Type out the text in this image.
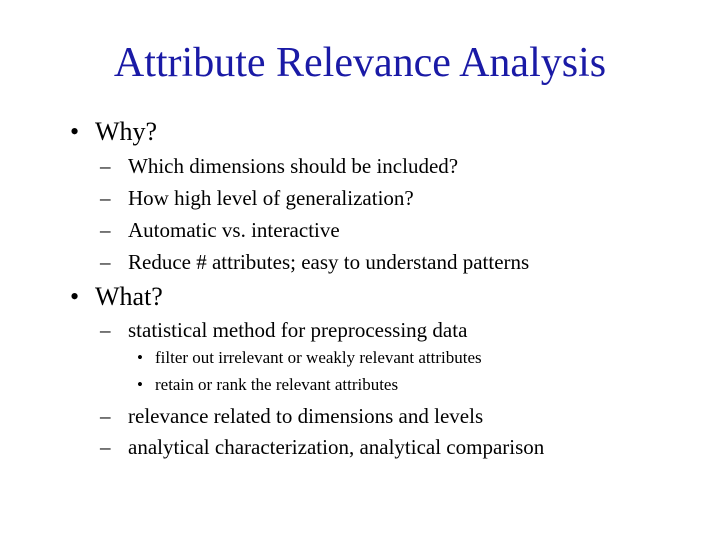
Attribute Relevance Analysis
• Why?
– Which dimensions should be included?
– How high level of generalization?
– Automatic vs. interactive
– Reduce # attributes; easy to understand patterns
• What?
– statistical method for preprocessing data
• filter out irrelevant or weakly relevant attributes
• retain or rank the relevant attributes
– relevance related to dimensions and levels
– analytical characterization, analytical comparison
